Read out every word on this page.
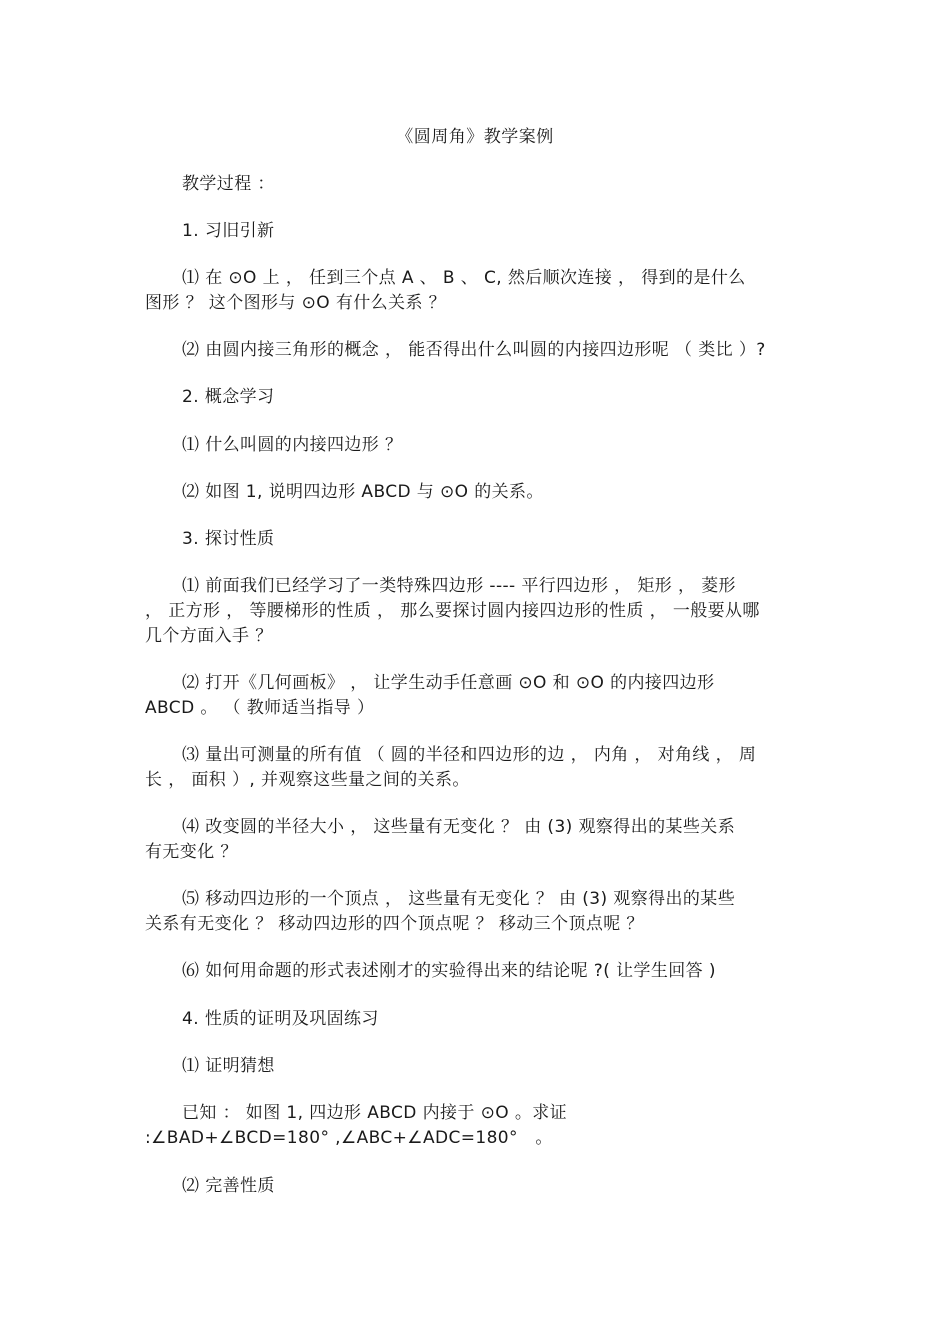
《圆周角》教学案例
教学过程 ：
1. 习旧引新
⑴ 在 ⊙O 上 ， 任到三个点 A 、 B 、 C, 然后顺次连接 ， 得到的是什么
图形 ？ 这个图形与 ⊙O 有什么关系 ？
⑵ 由圆内接三角形的概念 ， 能否得出什么叫圆的内接四边形呢 （ 类比 ）?
2. 概念学习
⑴ 什么叫圆的内接四边形 ？
⑵ 如图 1, 说明四边形 ABCD 与 ⊙O 的关系。
3. 探讨性质
⑴ 前面我们已经学习了一类特殊四边形 ---- 平行四边形 ， 矩形 ， 菱形
， 正方形 ， 等腰梯形的性质 ， 那么要探讨圆内接四边形的性质 ， 一般要从哪
几个方面入手 ？
⑵ 打开《几何画板》 ， 让学生动手任意画 ⊙O 和 ⊙O 的内接四边形
ABCD 。 （ 教师适当指导 ）
⑶ 量出可测量的所有值 （ 圆的半径和四边形的边 ， 内角 ， 对角线 ， 周
长 ， 面积 ）, 并观察这些量之间的关系。
⑷ 改变圆的半径大小 ， 这些量有无变化 ？ 由 (3) 观察得出的某些关系
有无变化 ？
⑸ 移动四边形的一个顶点 ， 这些量有无变化 ？ 由 (3) 观察得出的某些
关系有无变化 ？ 移动四边形的四个顶点呢 ？ 移动三个顶点呢 ？
⑹ 如何用命题的形式表述刚才的实验得出来的结论呢 ?( 让学生回答 )
4. 性质的证明及巩固练习
⑴ 证明猜想
已知 ： 如图 1, 四边形 ABCD 内接于 ⊙O 。求证
:∠BAD+∠BCD=180° ,∠ABC+∠ADC=180°   。
⑵ 完善性质
